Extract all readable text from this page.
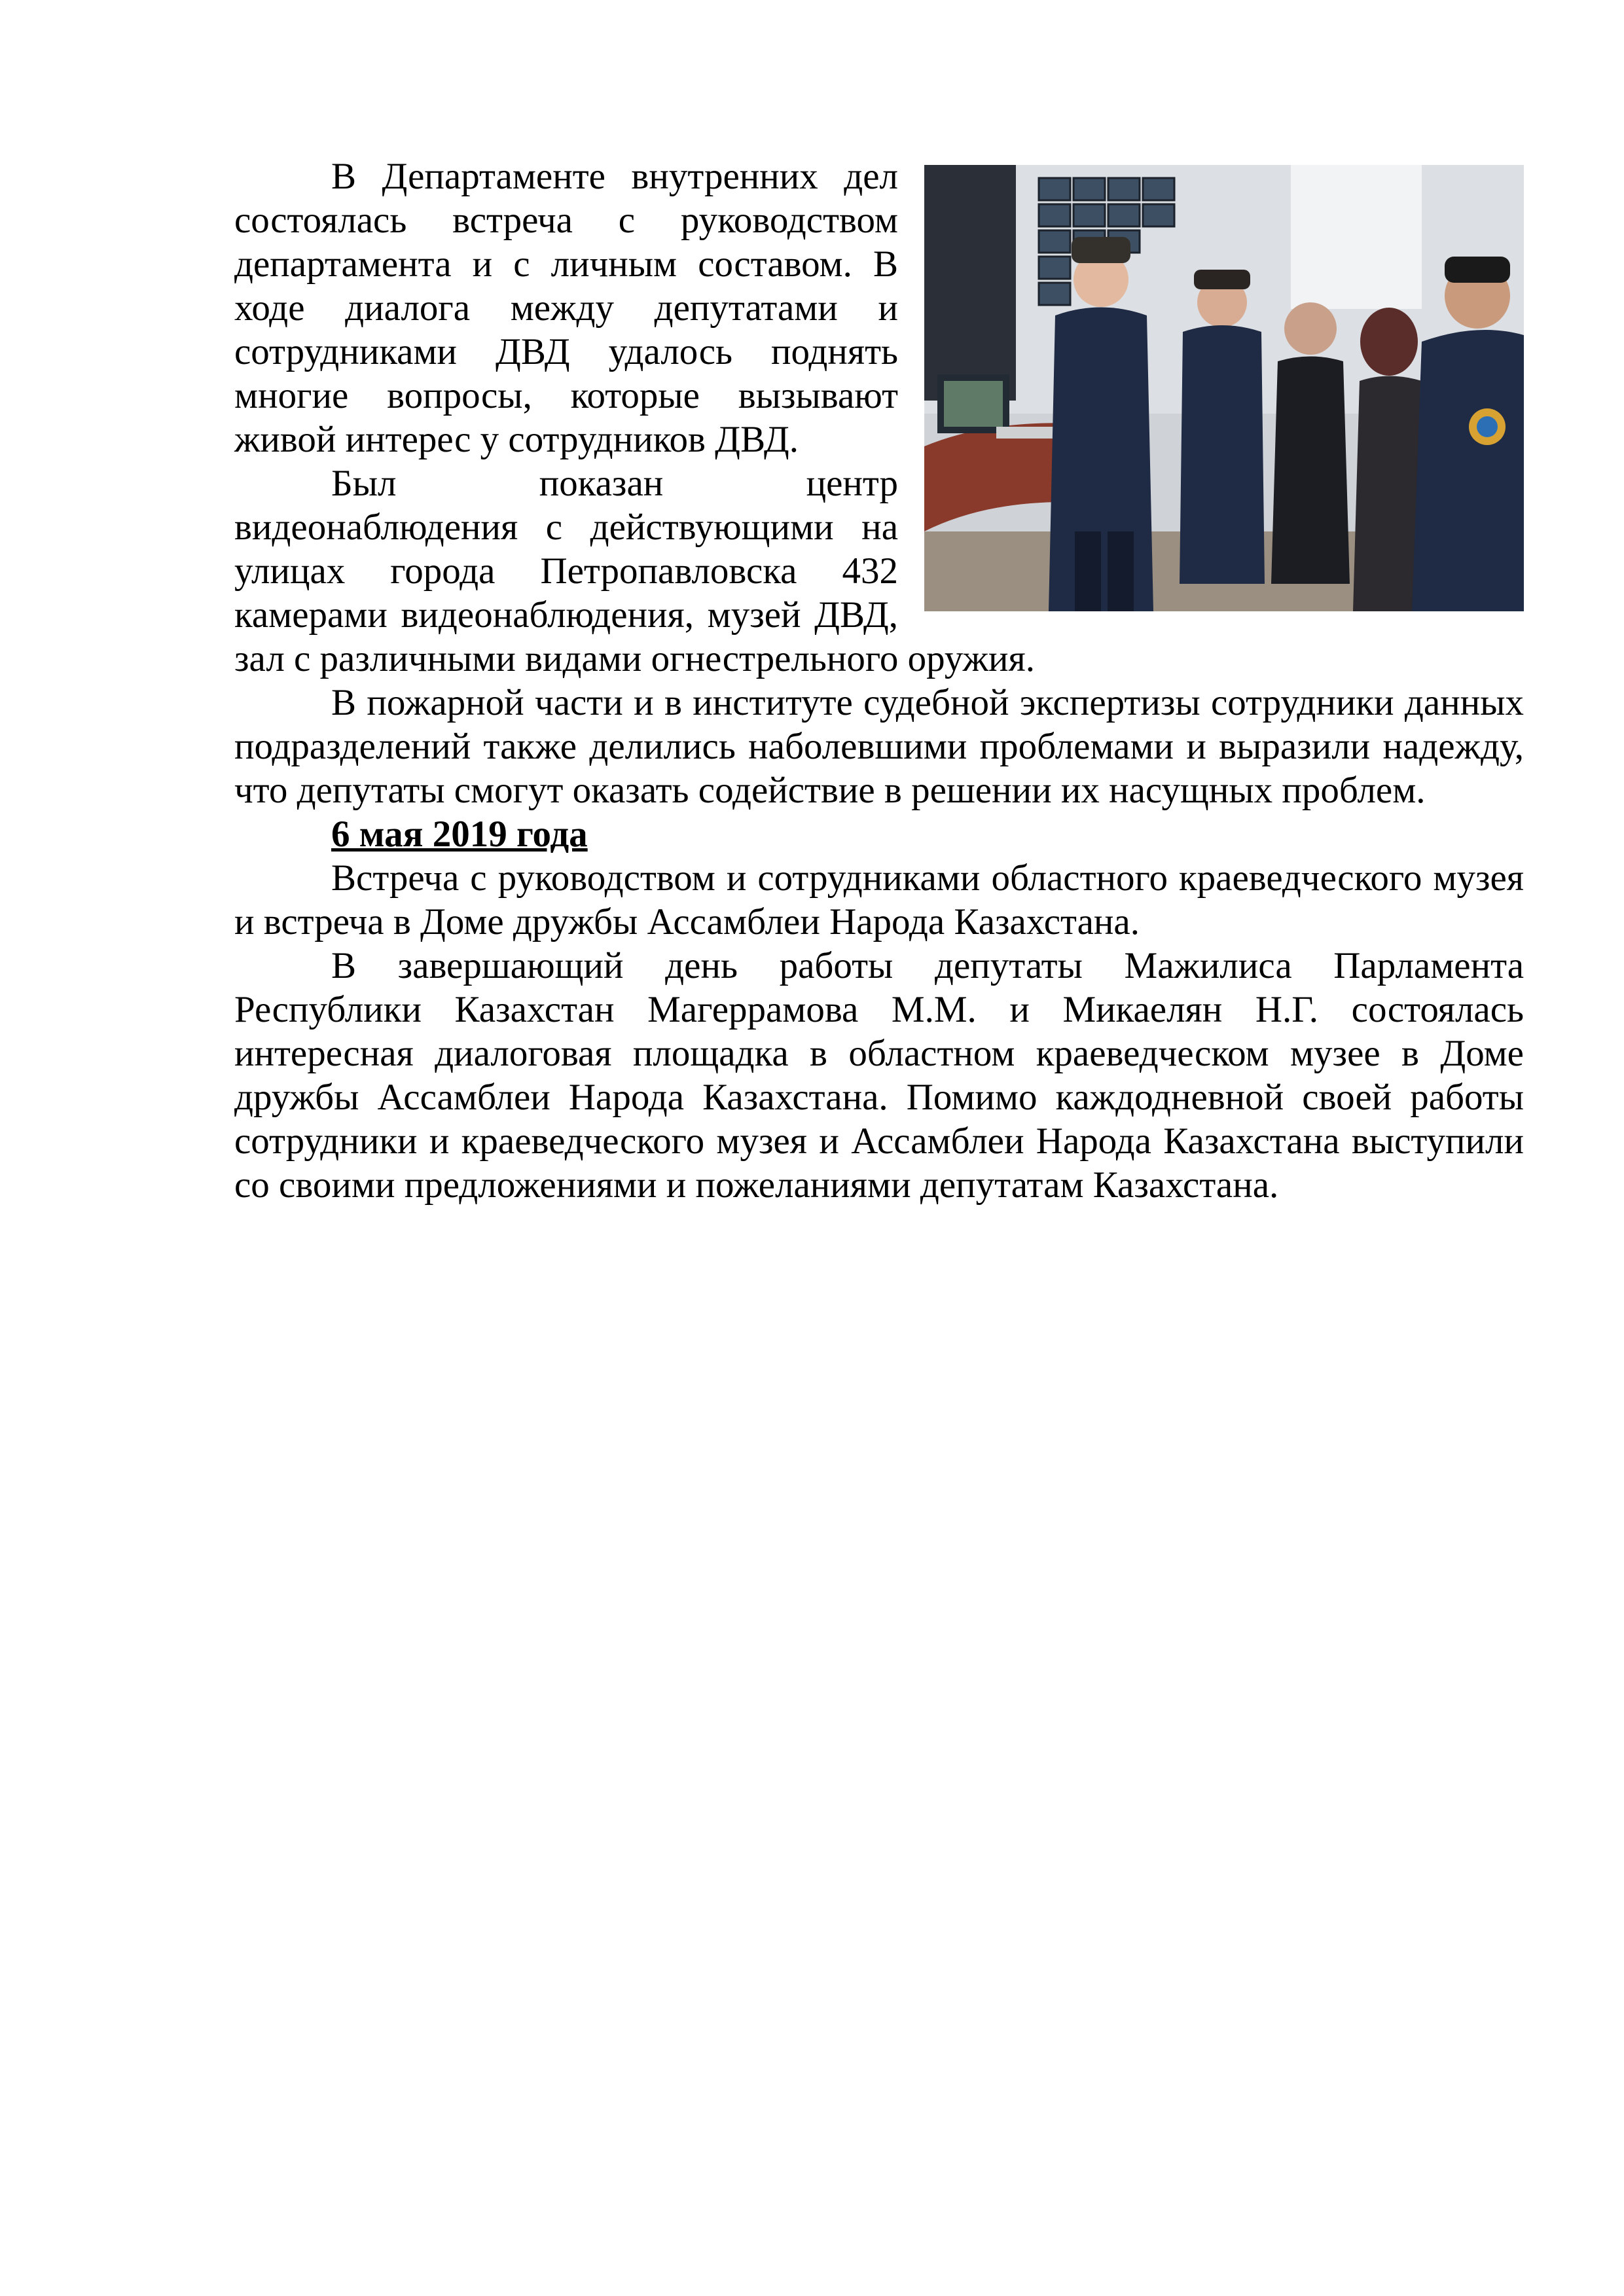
В Департаменте внутренних дел состоялась встреча с руководством департамента и с личным составом. В ходе диалога между депутатами и сотрудниками ДВД удалось поднять многие вопросы, которые вызывают живой интерес у сотрудников ДВД.

Был показан центр видеонаблюдения с действующими на улицах города Петропавловска 432 камерами видеонаблюдения, музей ДВД, зал с различными видами огнестрельного оружия.

В пожарной части и в институте судебной экспертизы сотрудники данных подразделений также делились наболевшими проблемами и выразили надежду, что депутаты смогут оказать содействие в решении их насущных проблем.

6 мая 2019 года

Встреча с руководством и сотрудниками областного краеведческого музея и встреча в Доме дружбы Ассамблеи Народа Казахстана.

В завершающий день работы депутаты Мажилиса Парламента Республики Казахстан Магеррамова М.М. и Микаелян Н.Г. состоялась интересная диалоговая площадка в областном краеведческом музее в Доме дружбы Ассамблеи Народа Казахстана. Помимо каждодневной своей работы сотрудники и краеведческого музея и Ассамблеи Народа Казахстана выступили со своими предложениями и пожеланиями депутатам Казахстана.
